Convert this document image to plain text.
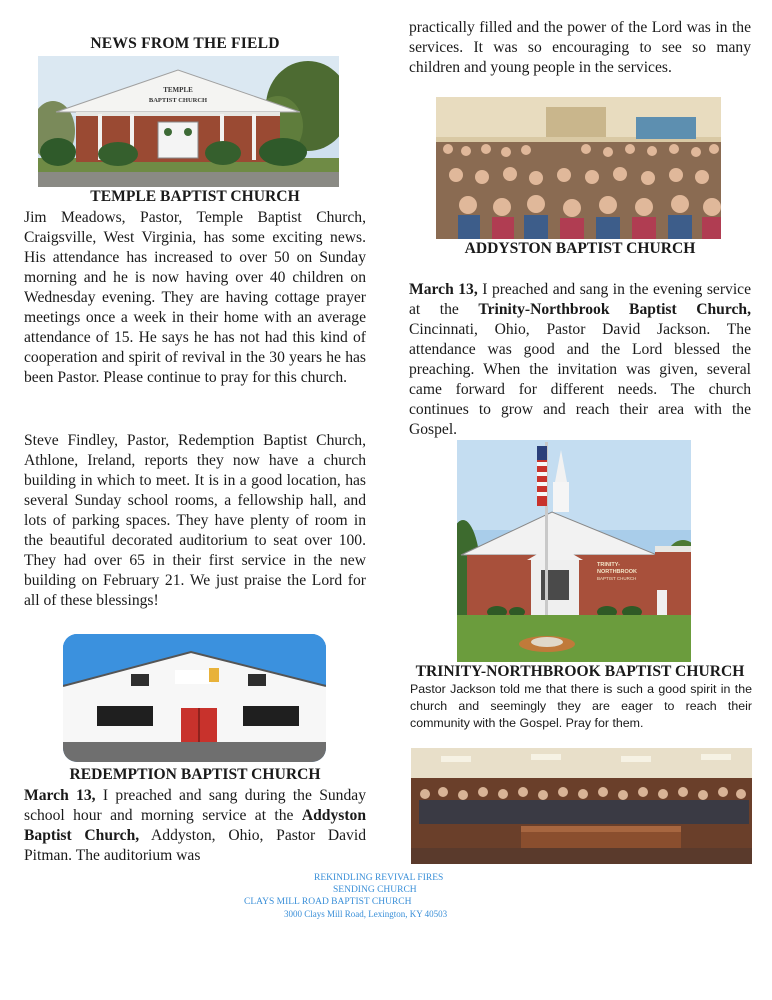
NEWS FROM THE FIELD
TEMPLE
BAPTIST CHURCH
TEMPLE BAPTIST CHURCH

Jim Meadows, Pastor, Temple Baptist Church, Craigsville, West Virginia, has some exciting news. His attendance has increased to over 50 on Sunday morning and he is now having over 40 children on Wednesday evening. They are having cottage prayer meetings once a week in their home with an average attendance of 15. He says he has not had this kind of cooperation and spirit of revival in the 30 years he has been Pastor. Please continue to pray for this church.

Steve Findley, Pastor, Redemption Baptist Church, Athlone, Ireland, reports they now have a church building in which to meet. It is in a good location, has several Sunday school rooms, a fellowship hall, and lots of parking spaces. They have plenty of room in the beautiful decorated auditorium to seat over 100. They had over 65 in their first service in the new building on February 21. We just praise the Lord for all of these blessings!

REDEMPTION BAPTIST CHURCH

March 13, I preached and sang during the Sunday school hour and morning service at the Addyston Baptist Church, Addyston, Ohio, Pastor David Pitman. The auditorium was

practically filled and the power of the Lord was in the services. It was so encouraging to see so many children and young people in the services.

ADDYSTON BAPTIST CHURCH

March 13, I preached and sang in the evening service at the Trinity-Northbrook Baptist Church, Cincinnati, Ohio, Pastor David Jackson. The attendance was good and the Lord blessed the preaching. When the invitation was given, several came forward for different needs. The church continues to grow and reach their area with the Gospel.

TRINITY-
NORTHBROOK
BAPTIST CHURCH
TRINITY-NORTHBROOK BAPTIST CHURCH
Pastor Jackson told me that there is such a good spirit in the church and seemingly they are eager to reach their community with the Gospel. Pray for them.
REKINDLING REVIVAL FIRES
SENDING CHURCH
CLAYS MILL ROAD BAPTIST CHURCH
3000 Clays Mill Road, Lexington, KY 40503
